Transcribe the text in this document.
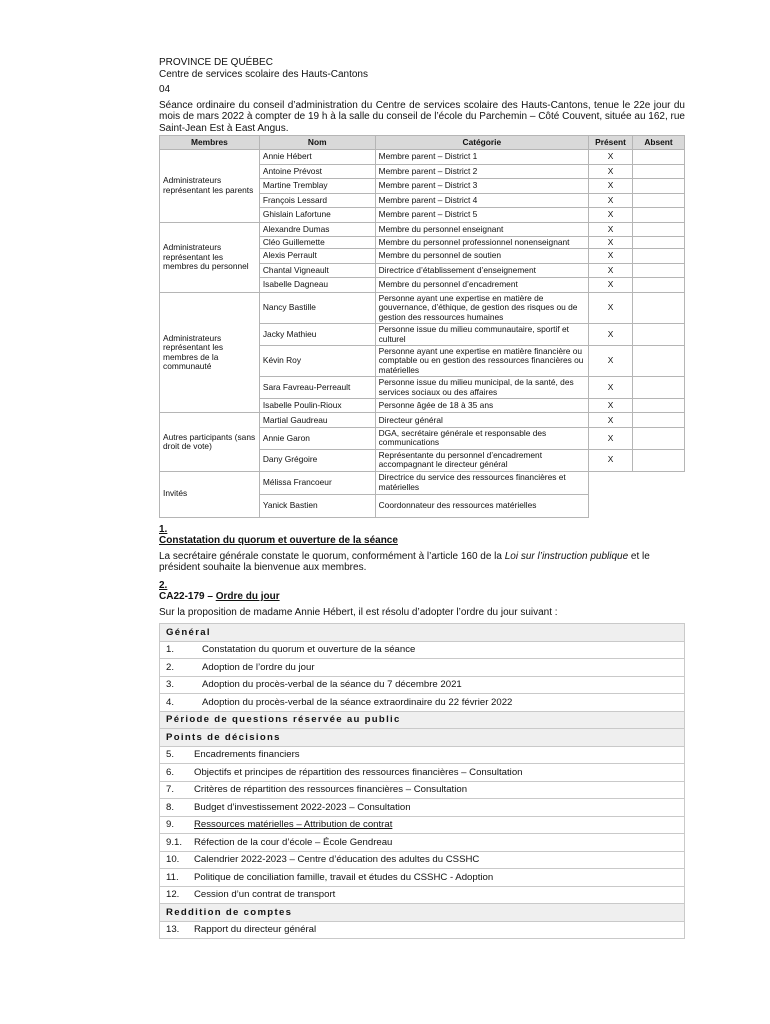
PROVINCE DE QUÉBEC
Centre de services scolaire des Hauts-Cantons
04
Séance ordinaire du conseil d’administration du Centre de services scolaire des Hauts-Cantons, tenue le 22e jour du mois de mars 2022 à compter de 19 h à la salle du conseil de l’école du Parchemin – Côté Couvent, située au 162, rue Saint-Jean Est à East Angus.
Membres	Nom	Catégorie	Présent	Absent
Administrateurs représentant les parents	Annie Hébert	Membre parent – District 1	X	
	Antoine Prévost	Membre parent – District 2	X	
	Martine Tremblay	Membre parent – District 3	X	
	François Lessard	Membre parent – District 4	X	
	Ghislain Lafortune	Membre parent – District 5	X	
Administrateurs représentant les membres du personnel	Alexandre Dumas	Membre du personnel enseignant	X	
	Cléo Guillemette	Membre du personnel professionnel nonenseignant	X	
	Alexis Perrault	Membre du personnel de soutien	X	
	Chantal Vigneault	Directrice d’établissement d’enseignement	X	
	Isabelle Dagneau	Membre du personnel d’encadrement	X	
Administrateurs représentant les membres de la communauté	Nancy Bastille	Personne ayant une expertise en matière de gouvernance, d’éthique, de gestion des risques ou de gestion des ressources humaines	X	
	Jacky Mathieu	Personne issue du milieu communautaire, sportif et culturel	X	
	Kévin Roy	Personne ayant une expertise en matière financière ou comptable ou en gestion des ressources financières ou matérielles	X	
	Sara Favreau-Perreault	Personne issue du milieu municipal, de la santé, des services sociaux ou des affaires	X	
	Isabelle Poulin-Rioux	Personne âgée de 18 à 35 ans	X	
Autres participants (sans droit de vote)	Martial Gaudreau	Directeur général	X	
	Annie Garon	DGA, secrétaire générale et responsable des communications	X	
	Dany Grégoire	Représentante du personnel d’encadrement accompagnant le directeur général	X	
Invités	Mélissa Francoeur	Directrice du service des ressources financières et matérielles		
	Yanick Bastien	Coordonnateur des ressources matérielles		
1.
Constatation du quorum et ouverture de la séance
La secrétaire générale constate le quorum, conformément à l’article 160 de la Loi sur l’instruction publique et le président souhaite la bienvenue aux membres.
2.
CA22-179 – Ordre du jour
Sur la proposition de madame Annie Hébert, il est résolu d’adopter l’ordre du jour suivant :
Général
1.	Constatation du quorum et ouverture de la séance
2.	Adoption de l’ordre du jour
3.	Adoption du procès-verbal de la séance du 7 décembre 2021
4.	Adoption du procès-verbal de la séance extraordinaire du 22 février 2022
Période de questions réservée au public
Points de décisions
5. Encadrements financiers
6. Objectifs et principes de répartition des ressources financières – Consultation
7. Critères de répartition des ressources financières – Consultation
8. Budget d’investissement 2022-2023 – Consultation
9. Ressources matérielles – Attribution de contrat
9.1. Réfection de la cour d’école – École Gendreau
10. Calendrier 2022-2023 – Centre d’éducation des adultes du CSSHC
11. Politique de conciliation famille, travail et études du CSSHC - Adoption
12. Cession d’un contrat de transport
Reddition de comptes
13. Rapport du directeur général
